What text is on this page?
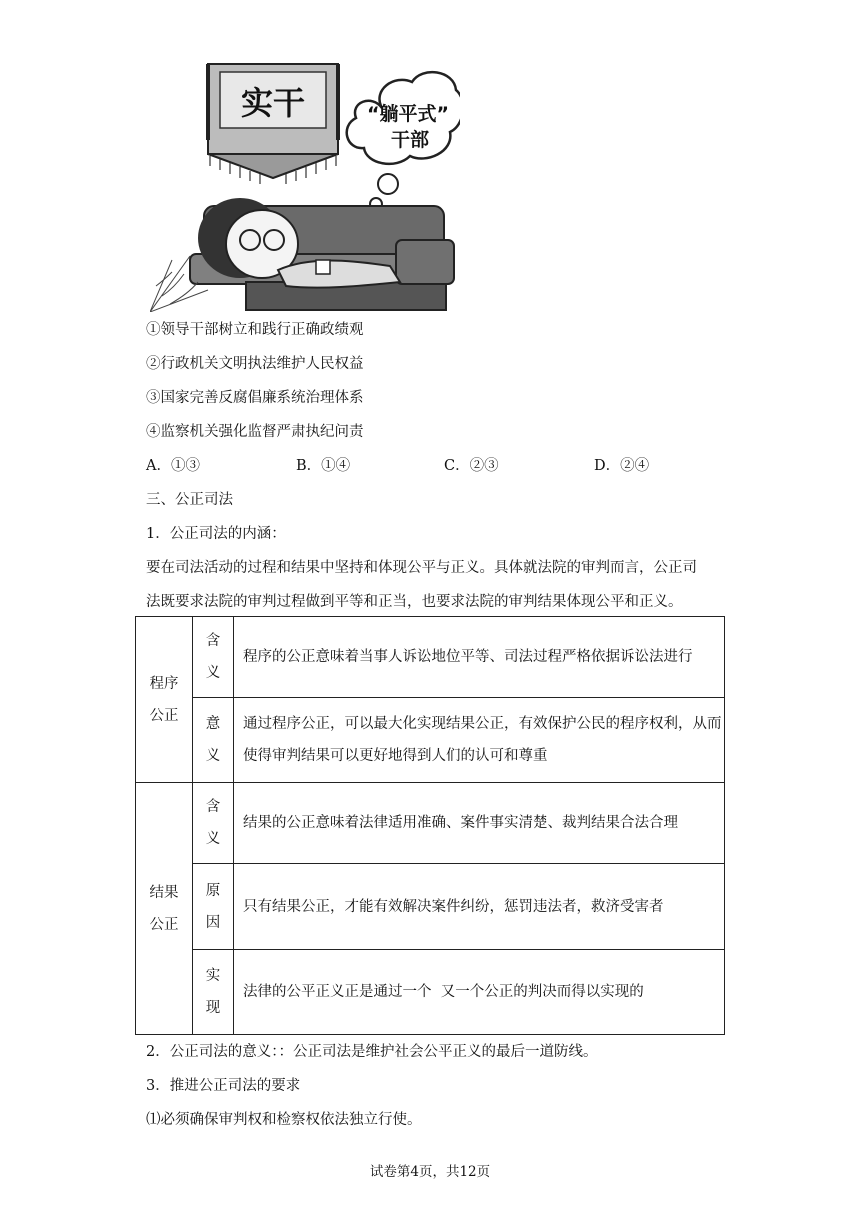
实干	“躺平式”
干部
①领导干部树立和践行正确政绩观
②行政机关文明执法维护人民权益
③国家完善反腐倡廉系统治理体系
④监察机关强化监督严肃执纪问责
A．①③	B．①④	C．②③	D．②④
三、公正司法
1．公正司法的内涵：
要在司法活动的过程和结果中坚持和体现公平与正义。具体就法院的审判而言，公正司
法既要求法院的审判过程做到平等和正当，也要求法院的审判结果体现公平和正义。
程序公正	含义	程序的公正意味着当事人诉讼地位平等、司法过程严格依据诉讼法进行
	意义	通过程序公正，可以最大化实现结果公正，有效保护公民的程序权利，从而使得审判结果可以更好地得到人们的认可和尊重
结果公正	含义	结果的公正意味着法律适用准确、案件事实清楚、裁判结果合法合理
	原因	只有结果公正，才能有效解决案件纠纷，惩罚违法者，救济受害者
	实现	法律的公平正义正是通过一个  又一个公正的判决而得以实现的
2．公正司法的意义：：公正司法是维护社会公平正义的最后一道防线。
3．推进公正司法的要求
⑴必须确保审判权和检察权依法独立行使。
试卷第4页，共12页
